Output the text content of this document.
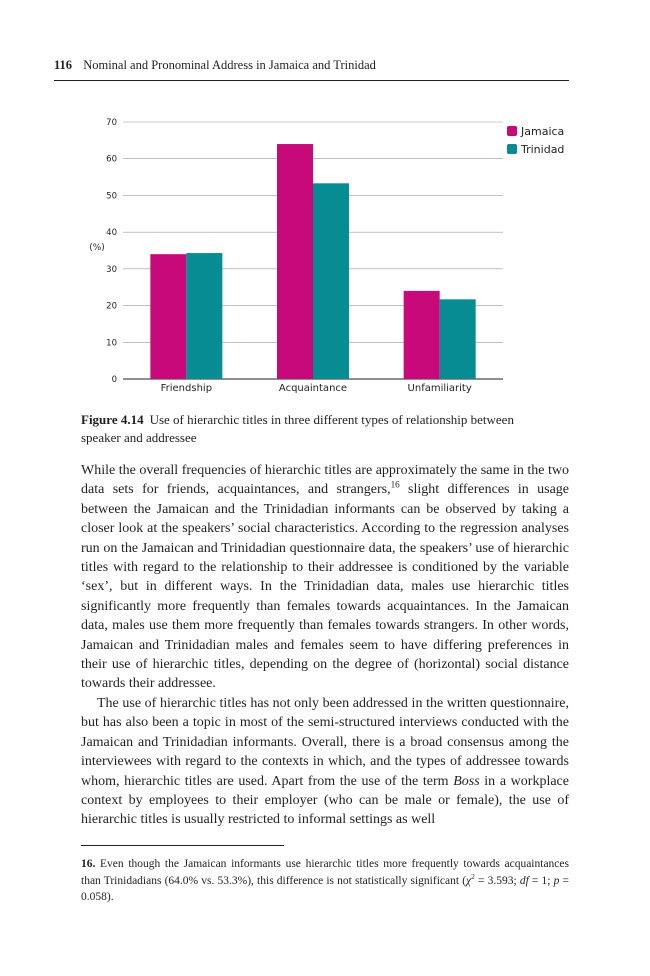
116 Nominal and Pronominal Address in Jamaica and Trinidad
0
10
20
30
40
50
60
70
(%)
Friendship	Acquaintance	Unfamiliarity
Jamaica
Trinidad
Figure 4.14 Use of hierarchic titles in three different types of relationship between speaker and addressee

While the overall frequencies of hierarchic titles are approximately the same in the two data sets for friends, acquaintances, and strangers,$^{16}$ slight differences in usage between the Jamaican and the Trinidadian informants can be observed by taking a closer look at the speakers’ social characteristics. According to the regression analyses run on the Jamaican and Trinidadian questionnaire data, the speakers’ use of hierarchic titles with regard to the relationship to their addressee is conditioned by the variable ‘sex’, but in different ways. In the Trinidadian data, males use hierarchic titles significantly more frequently than females towards acquaintances. In the Jamaican data, males use them more frequently than females towards strangers. In other words, Jamaican and Trinidadian males and females seem to have differing preferences in their use of hierarchic titles, depending on the degree of (horizontal) social distance towards their addressee.

The use of hierarchic titles has not only been addressed in the written questionnaire, but has also been a topic in most of the semi-structured interviews conducted with the Jamaican and Trinidadian informants. Overall, there is a broad consensus among the interviewees with regard to the contexts in which, and the types of addressee towards whom, hierarchic titles are used. Apart from the use of the term Boss in a workplace context by employees to their employer (who can be male or female), the use of hierarchic titles is usually restricted to informal settings as well

16. Even though the Jamaican informants use hierarchic titles more frequently towards acquaintances than Trinidadians (64.0% vs. 53.3%), this difference is not statistically significant ($\chi^2 = 3.593$; df = 1; p = 0.058).
